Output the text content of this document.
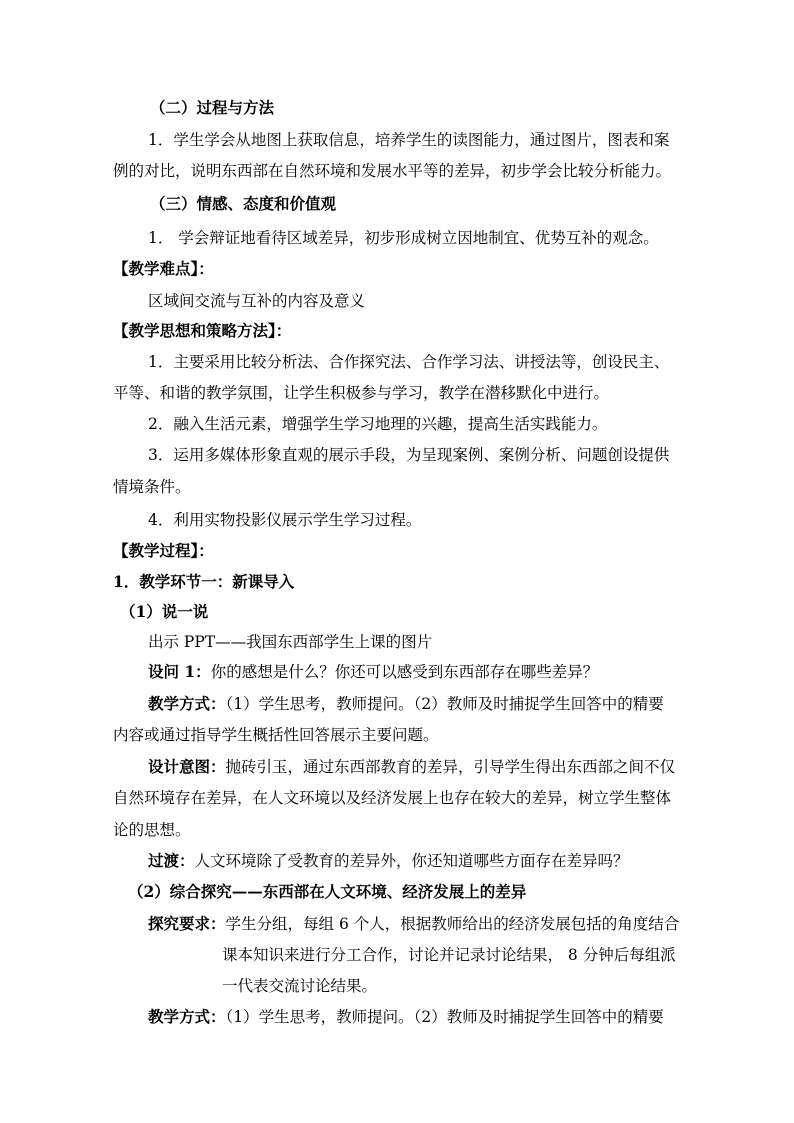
（二）过程与方法
1．学生学会从地图上获取信息，培养学生的读图能力，通过图片，图表和案
例的对比，说明东西部在自然环境和发展水平等的差异，初步学会比较分析能力。
（三）情感、态度和价值观
1． 学会辩证地看待区域差异，初步形成树立因地制宜、优势互补的观念。
【教学难点】：
区域间交流与互补的内容及意义
【教学思想和策略方法】：
1．主要采用比较分析法、合作探究法、合作学习法、讲授法等，创设民主、
平等、和谐的教学氛围，让学生积极参与学习，教学在潜移默化中进行。
2．融入生活元素，增强学生学习地理的兴趣，提高生活实践能力。
3．运用多媒体形象直观的展示手段，为呈现案例、案例分析、问题创设提供
情境条件。
4．利用实物投影仪展示学生学习过程。
【教学过程】：
1．教学环节一：新课导入
（1）说一说
出示 PPT——我国东西部学生上课的图片
设问 1：你的感想是什么？你还可以感受到东西部存在哪些差异？
教学方式：（1）学生思考，教师提问。（2）教师及时捕捉学生回答中的精要
内容或通过指导学生概括性回答展示主要问题。
设计意图：抛砖引玉，通过东西部教育的差异，引导学生得出东西部之间不仅
自然环境存在差异，在人文环境以及经济发展上也存在较大的差异，树立学生整体
论的思想。
过渡：人文环境除了受教育的差异外，你还知道哪些方面存在差异吗？
（2）综合探究——东西部在人文环境、经济发展上的差异
探究要求：学生分组，每组 6 个人，根据教师给出的经济发展包括的角度结合
课本知识来进行分工合作，讨论并记录讨论结果， 8 分钟后每组派
一代表交流讨论结果。
教学方式：（1）学生思考，教师提问。（2）教师及时捕捉学生回答中的精要
